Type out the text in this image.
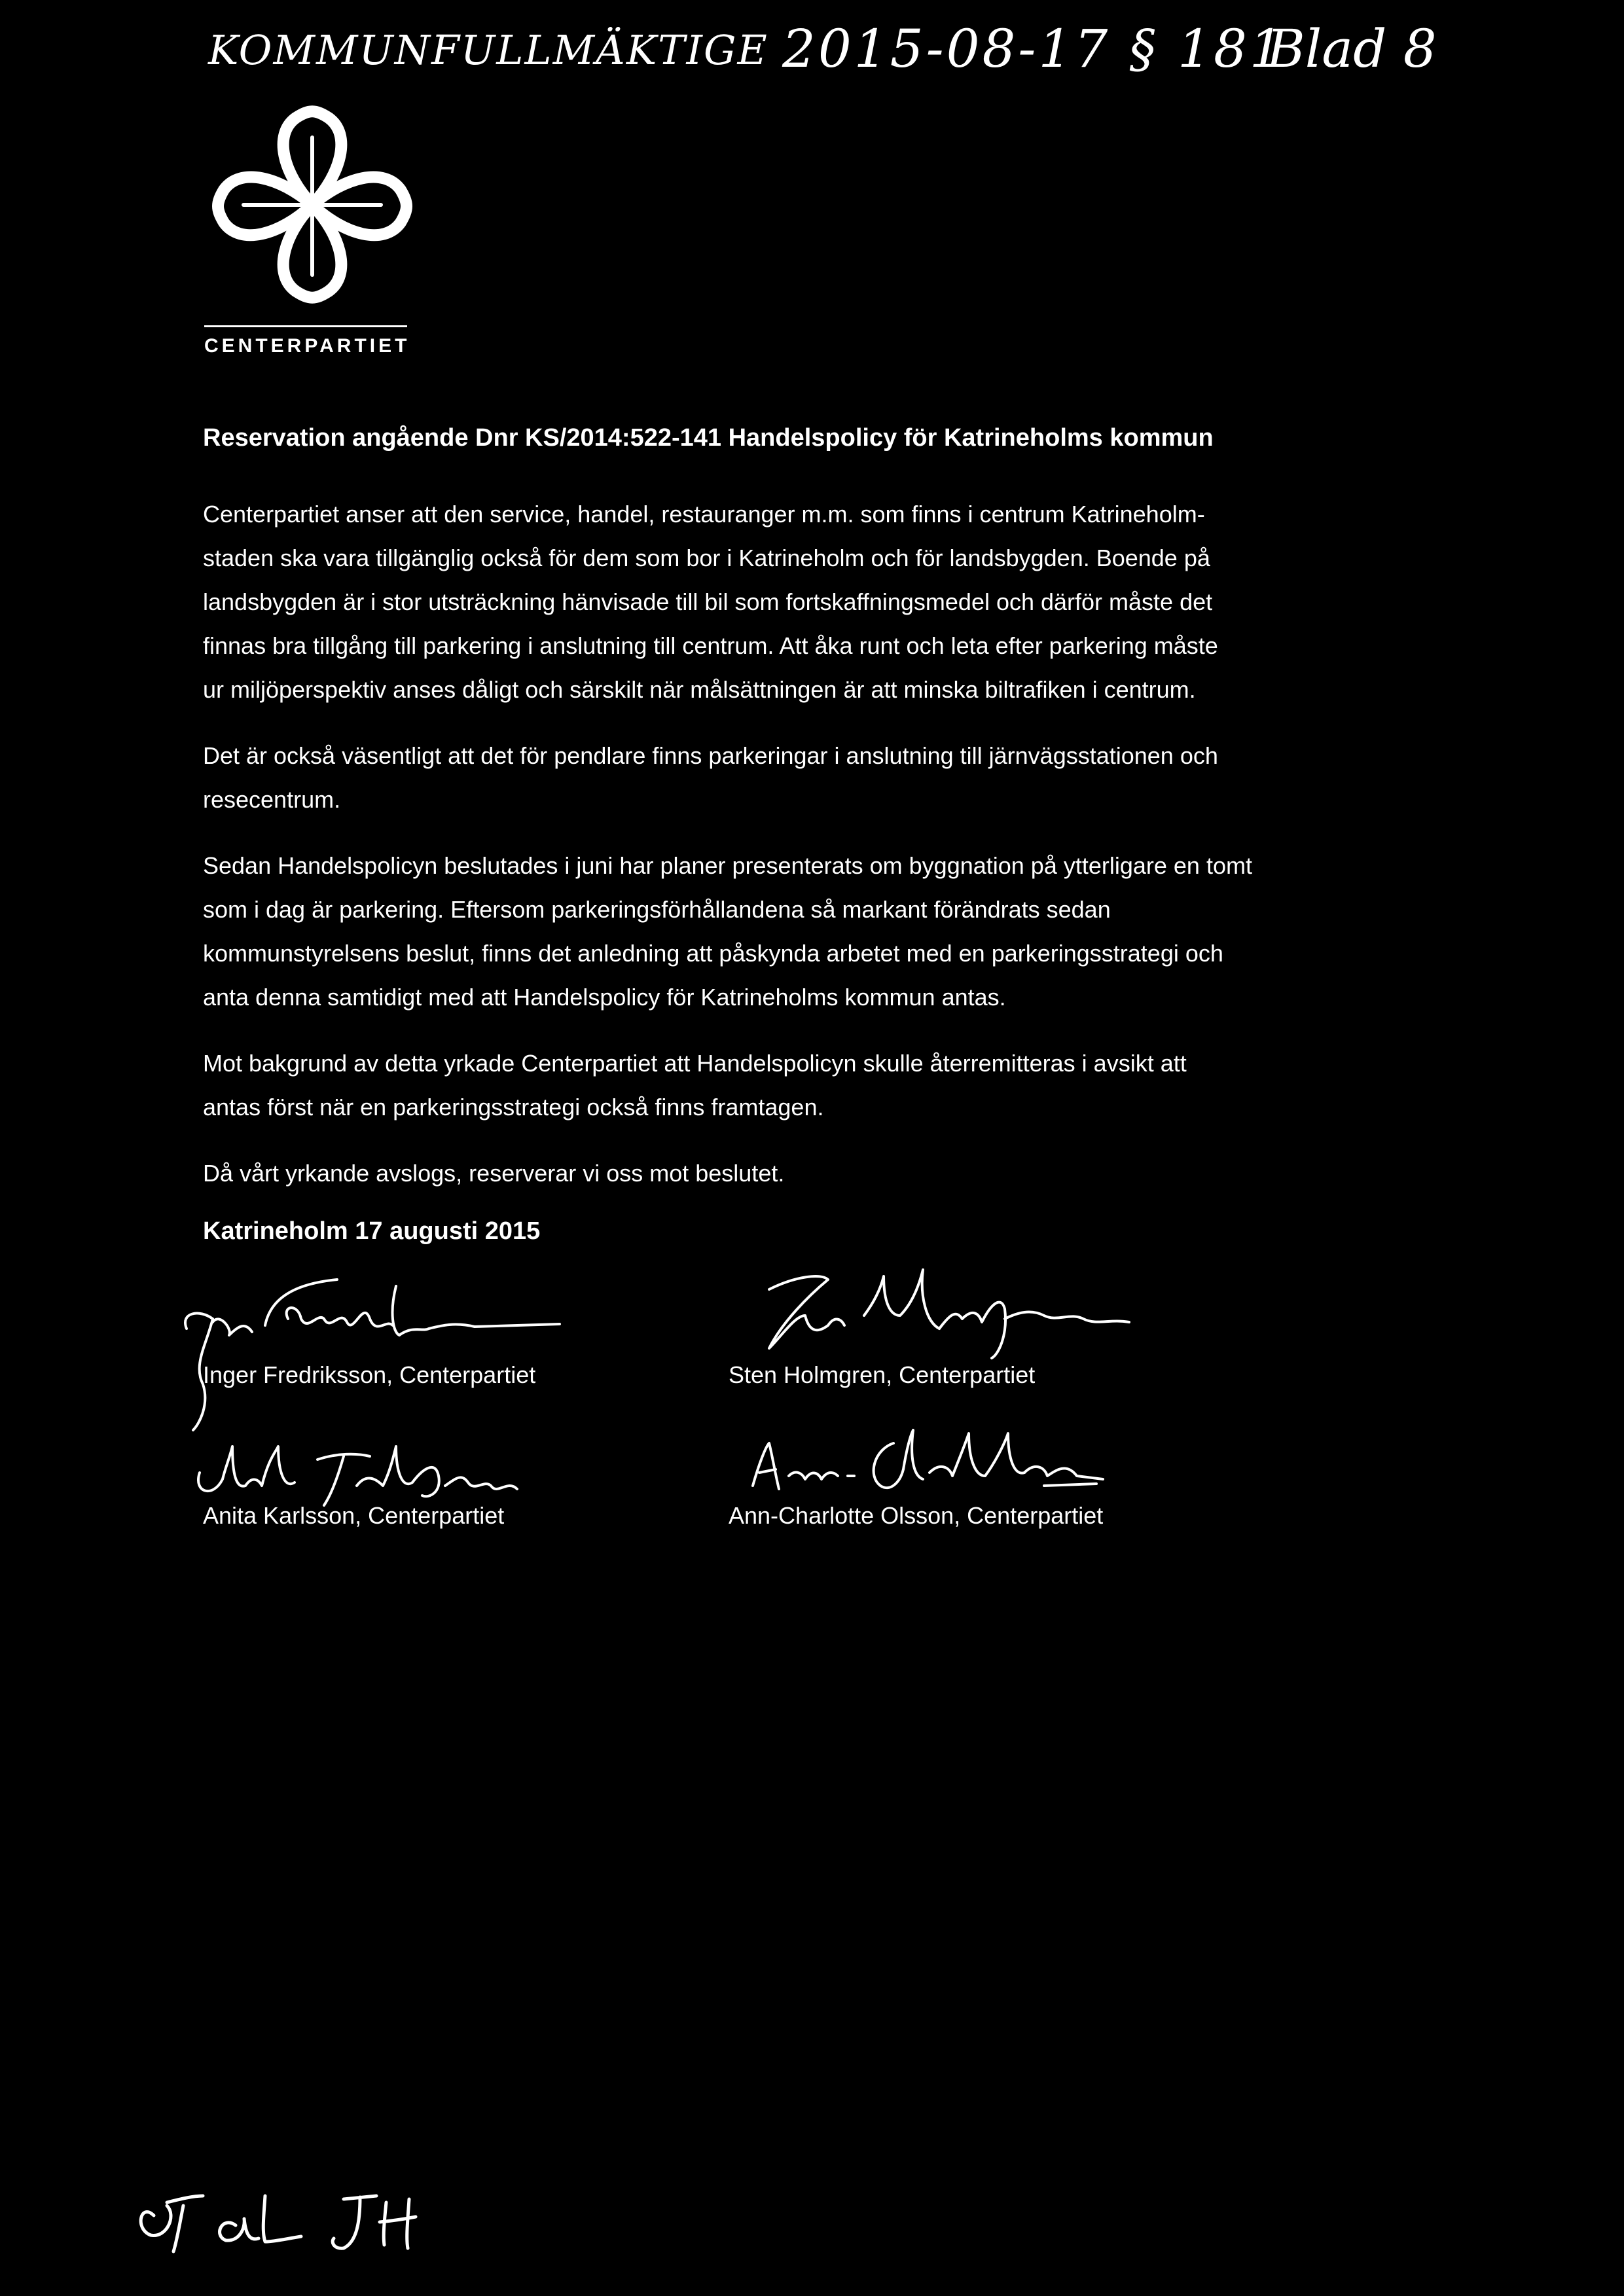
KOMMUNFULLMÄKTIGE 2015-08-17 § 181
Blad 8
CENTERPARTIET
Reservation angående Dnr KS/2014:522-141 Handelspolicy för Katrineholms kommun

Centerpartiet anser att den service, handel, restauranger m.m. som finns i centrum Katrineholm-
staden ska vara tillgänglig också för dem som bor i Katrineholm och för landsbygden. Boende på
landsbygden är i stor utsträckning hänvisade till bil som fortskaffningsmedel och därför måste det
finnas bra tillgång till parkering i anslutning till centrum. Att åka runt och leta efter parkering måste
ur miljöperspektiv anses dåligt och särskilt när målsättningen är att minska biltrafiken i centrum.

Det är också väsentligt att det för pendlare finns parkeringar i anslutning till järnvägsstationen och
resecentrum.

Sedan Handelspolicyn beslutades i juni har planer presenterats om byggnation på ytterligare en tomt
som i dag är parkering. Eftersom parkeringsförhållandena så markant förändrats sedan
kommunstyrelsens beslut, finns det anledning att påskynda arbetet med en parkeringsstrategi och
anta denna samtidigt med att Handelspolicy för Katrineholms kommun antas.

Mot bakgrund av detta yrkade Centerpartiet att Handelspolicyn skulle återremitteras i avsikt att
antas först när en parkeringsstrategi också finns framtagen.

Då vårt yrkande avslogs, reserverar vi oss mot beslutet.

Katrineholm 17 augusti 2015
Inger Fredriksson, Centerpartiet	Sten Holmgren, Centerpartiet
Anita Karlsson, Centerpartiet	Ann-Charlotte Olsson, Centerpartiet
